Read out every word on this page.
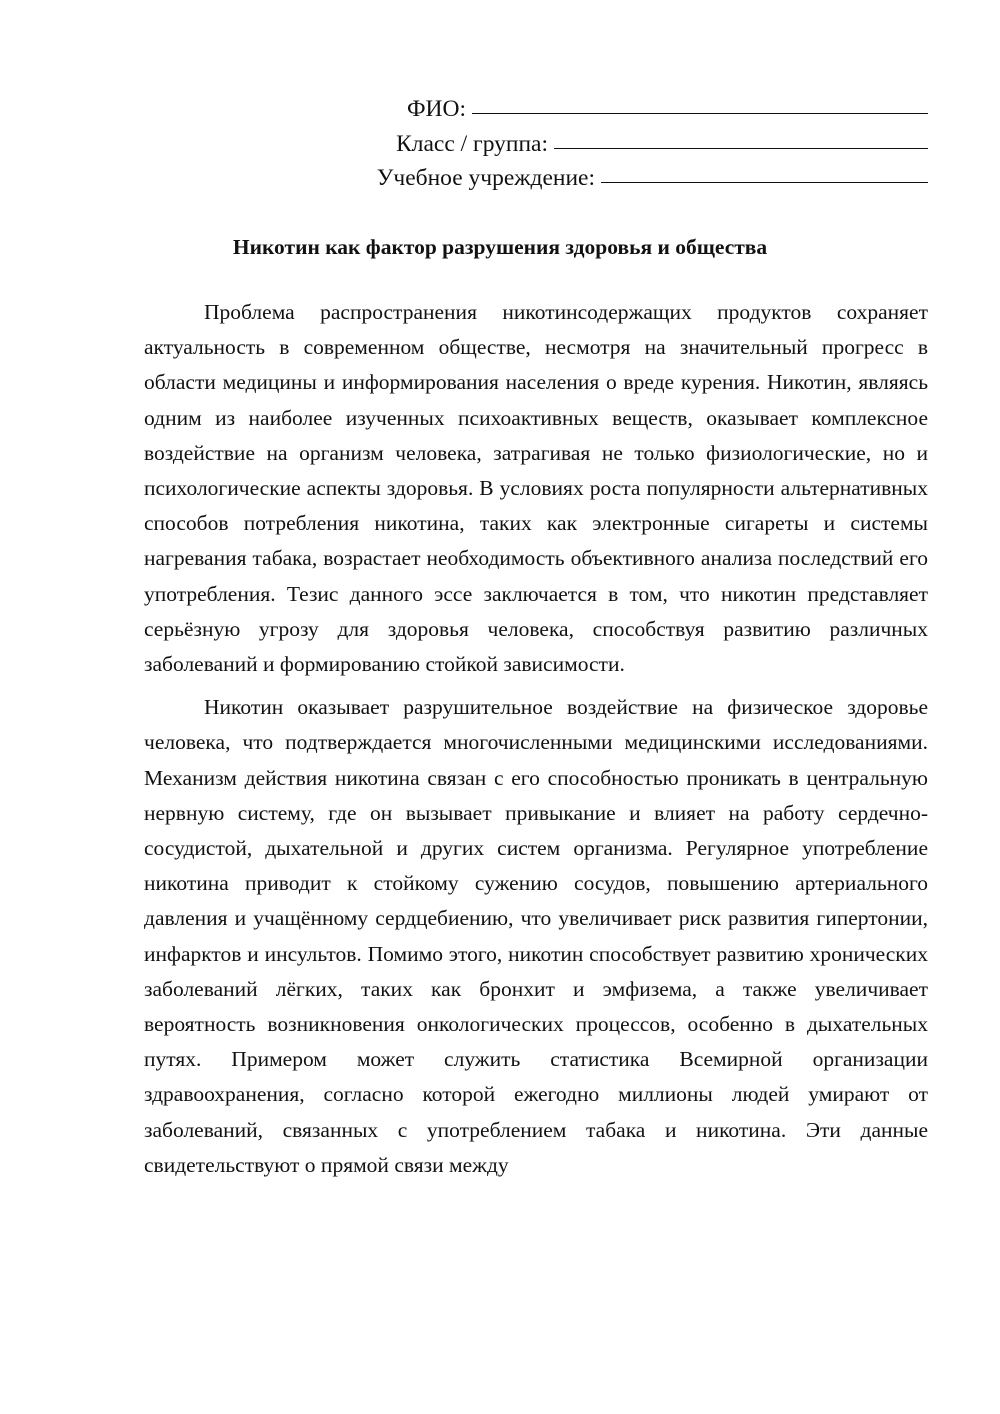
ФИО:
Класс / группа:
Учебное учреждение:
Никотин как фактор разрушения здоровья и общества

Проблема распространения никотинсодержащих продуктов сохраняет актуальность в современном обществе, несмотря на значительный прогресс в области медицины и информирования населения о вреде курения. Никотин, являясь одним из наиболее изученных психоактивных веществ, оказывает комплексное воздействие на организм человека, затрагивая не только физиологические, но и психологические аспекты здоровья. В условиях роста популярности альтернативных способов потребления никотина, таких как электронные сигареты и системы нагревания табака, возрастает необходимость объективного анализа последствий его употребления. Тезис данного эссе заключается в том, что никотин представляет серьёзную угрозу для здоровья человека, способствуя развитию различных заболеваний и формированию стойкой зависимости.

Никотин оказывает разрушительное воздействие на физическое здоровье человека, что подтверждается многочисленными медицинскими исследованиями. Механизм действия никотина связан с его способностью проникать в центральную нервную систему, где он вызывает привыкание и влияет на работу сердечно-сосудистой, дыхательной и других систем организма. Регулярное употребление никотина приводит к стойкому сужению сосудов, повышению артериального давления и учащённому сердцебиению, что увеличивает риск развития гипертонии, инфарктов и инсультов. Помимо этого, никотин способствует развитию хронических заболеваний лёгких, таких как бронхит и эмфизема, а также увеличивает вероятность возникновения онкологических процессов, особенно в дыхательных путях. Примером может служить статистика Всемирной организации здравоохранения, согласно которой ежегодно миллионы людей умирают от заболеваний, связанных с употреблением табака и никотина. Эти данные свидетельствуют о прямой связи между
